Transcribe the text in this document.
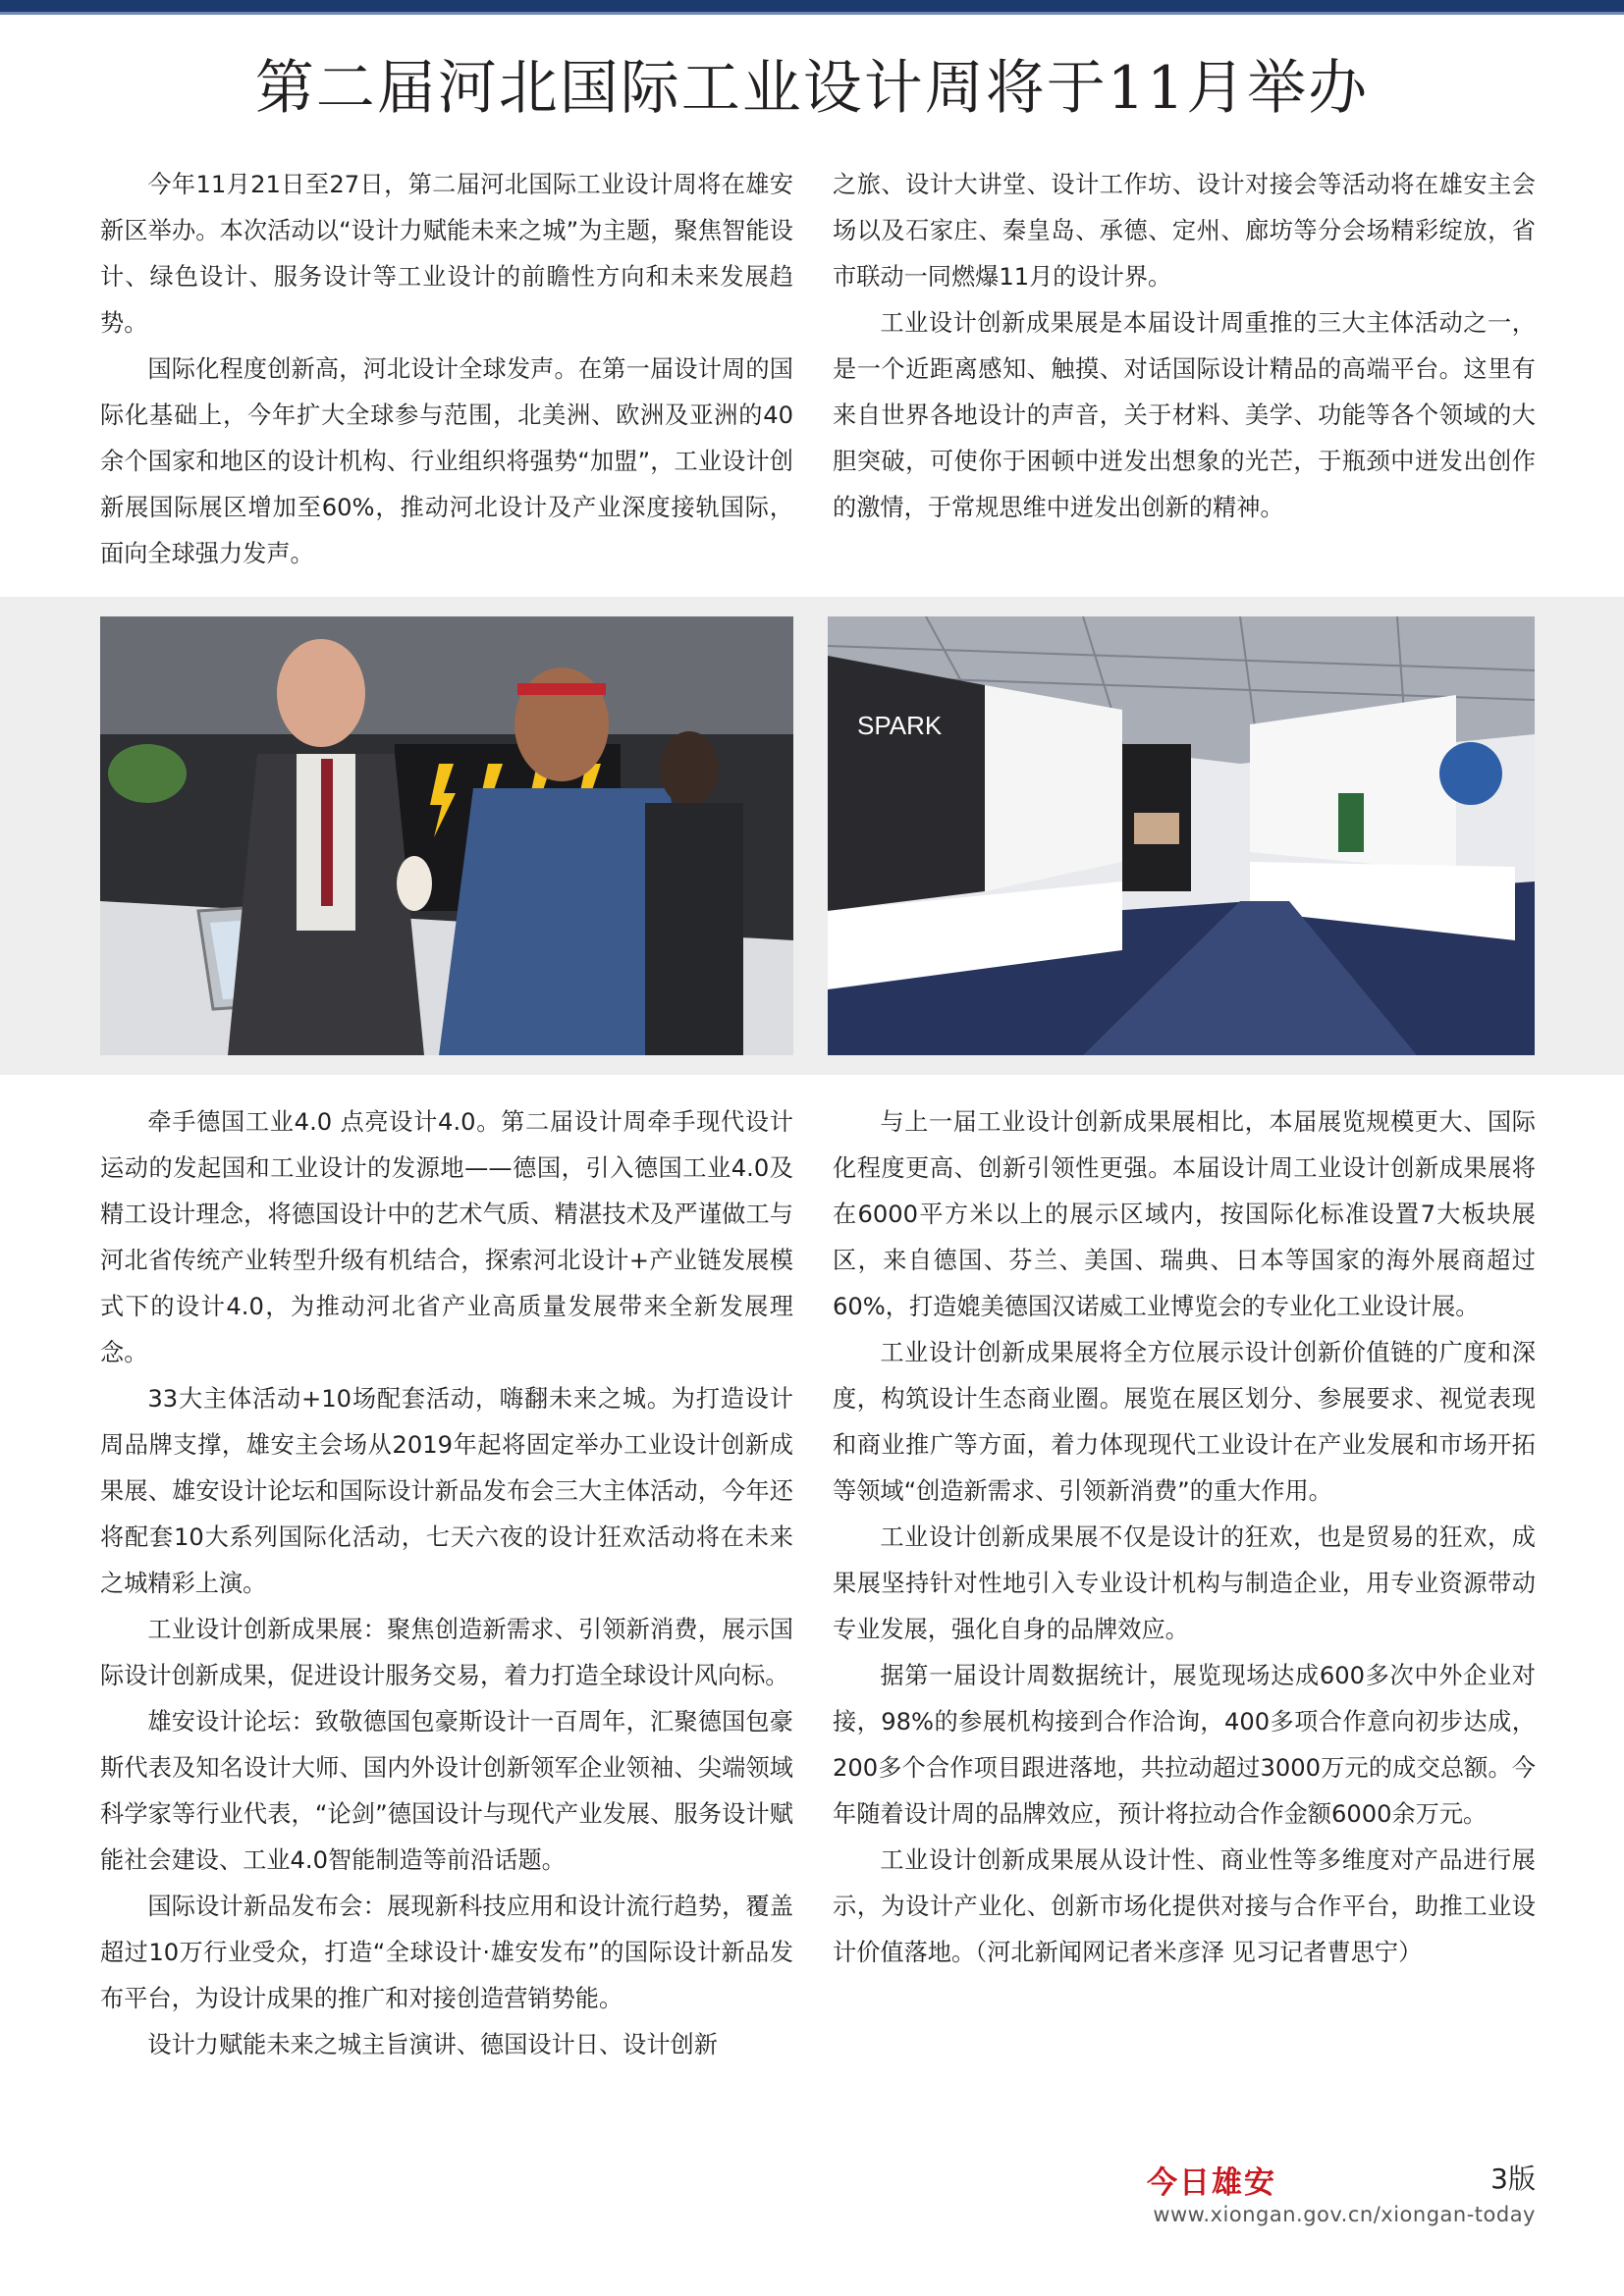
第二届河北国际工业设计周将于11月举办

今年11月21日至27日，第二届河北国际工业设计周将在雄安新区举办。本次活动以“设计力赋能未来之城”为主题，聚焦智能设计、绿色设计、服务设计等工业设计的前瞻性方向和未来发展趋势。

国际化程度创新高，河北设计全球发声。在第一届设计周的国际化基础上，今年扩大全球参与范围，北美洲、欧洲及亚洲的40余个国家和地区的设计机构、行业组织将强势“加盟”，工业设计创新展国际展区增加至60%，推动河北设计及产业深度接轨国际，面向全球强力发声。

之旅、设计大讲堂、设计工作坊、设计对接会等活动将在雄安主会场以及石家庄、秦皇岛、承德、定州、廊坊等分会场精彩绽放，省市联动一同燃爆11月的设计界。

工业设计创新成果展是本届设计周重推的三大主体活动之一，是一个近距离感知、触摸、对话国际设计精品的高端平台。这里有来自世界各地设计的声音，关于材料、美学、功能等各个领域的大胆突破，可使你于困顿中迸发出想象的光芒，于瓶颈中迸发出创作的激情，于常规思维中迸发出创新的精神。

SPARK

牵手德国工业4.0 点亮设计4.0。第二届设计周牵手现代设计运动的发起国和工业设计的发源地——德国，引入德国工业4.0及精工设计理念，将德国设计中的艺术气质、精湛技术及严谨做工与河北省传统产业转型升级有机结合，探索河北设计+产业链发展模式下的设计4.0，为推动河北省产业高质量发展带来全新发展理念。

33大主体活动+10场配套活动，嗨翻未来之城。为打造设计周品牌支撑，雄安主会场从2019年起将固定举办工业设计创新成果展、雄安设计论坛和国际设计新品发布会三大主体活动，今年还将配套10大系列国际化活动，七天六夜的设计狂欢活动将在未来之城精彩上演。

工业设计创新成果展：聚焦创造新需求、引领新消费，展示国际设计创新成果，促进设计服务交易，着力打造全球设计风向标。

雄安设计论坛：致敬德国包豪斯设计一百周年，汇聚德国包豪斯代表及知名设计大师、国内外设计创新领军企业领袖、尖端领域科学家等行业代表，“论剑”德国设计与现代产业发展、服务设计赋能社会建设、工业4.0智能制造等前沿话题。

国际设计新品发布会：展现新科技应用和设计流行趋势，覆盖超过10万行业受众，打造“全球设计·雄安发布”的国际设计新品发布平台，为设计成果的推广和对接创造营销势能。

设计力赋能未来之城主旨演讲、德国设计日、设计创新

与上一届工业设计创新成果展相比，本届展览规模更大、国际化程度更高、创新引领性更强。本届设计周工业设计创新成果展将在6000平方米以上的展示区域内，按国际化标准设置7大板块展区，来自德国、芬兰、美国、瑞典、日本等国家的海外展商超过60%，打造媲美德国汉诺威工业博览会的专业化工业设计展。

工业设计创新成果展将全方位展示设计创新价值链的广度和深度，构筑设计生态商业圈。展览在展区划分、参展要求、视觉表现和商业推广等方面，着力体现现代工业设计在产业发展和市场开拓等领域“创造新需求、引领新消费”的重大作用。

工业设计创新成果展不仅是设计的狂欢，也是贸易的狂欢，成果展坚持针对性地引入专业设计机构与制造企业，用专业资源带动专业发展，强化自身的品牌效应。

据第一届设计周数据统计，展览现场达成600多次中外企业对接，98%的参展机构接到合作洽询，400多项合作意向初步达成，200多个合作项目跟进落地，共拉动超过3000万元的成交总额。今年随着设计周的品牌效应，预计将拉动合作金额6000余万元。

工业设计创新成果展从设计性、商业性等多维度对产品进行展示，为设计产业化、创新市场化提供对接与合作平台，助推工业设计价值落地。（河北新闻网记者米彦泽 见习记者曹思宁）

今日雄安	3版
www.xiongan.gov.cn/xiongan-today
